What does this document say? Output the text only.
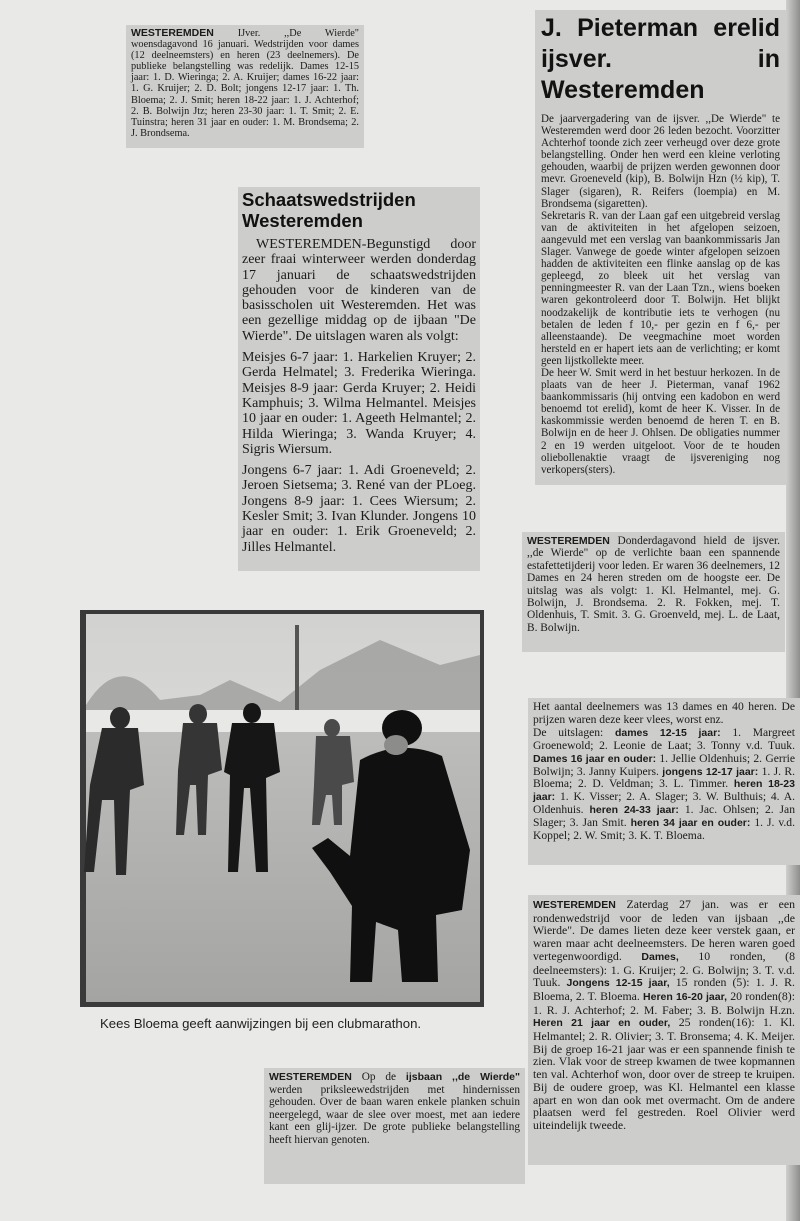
WESTEREMDEN IJver. ,,De Wierde" woensdagavond 16 januari. Wedstrijden voor dames (12 deelneemsters) en heren (23 deelnemers). De publieke belangstelling was redelijk. Dames 12-15 jaar: 1. D. Wieringa; 2. A. Kruijer; dames 16-22 jaar: 1. G. Kruijer; 2. D. Bolt; jongens 12-17 jaar: 1. Th. Bloema; 2. J. Smit; heren 18-22 jaar: 1. J. Achterhof; 2. B. Bolwijn Jtz; heren 23-30 jaar: 1. T. Smit; 2. E. Tuinstra; heren 31 jaar en ouder: 1. M. Brondsema; 2. J. Brondsema.

Schaatswedstrijden Westeremden

WESTEREMDEN-Begunstigd door zeer fraai winterweer werden donderdag 17 januari de schaatswedstrijden gehouden voor de kinderen van de basisscholen uit Westeremden. Het was een gezellige middag op de ijbaan "De Wierde". De uitslagen waren als volgt:

Meisjes 6-7 jaar: 1. Harkelien Kruyer; 2. Gerda Helmatel; 3. Frederika Wieringa. Meisjes 8-9 jaar: Gerda Kruyer; 2. Heidi Kamphuis; 3. Wilma Helmantel. Meisjes 10 jaar en ouder: 1. Ageeth Helmantel; 2. Hilda Wieringa; 3. Wanda Kruyer; 4. Sigris Wiersum.

Jongens 6-7 jaar: 1. Adi Groeneveld; 2. Jeroen Sietsema; 3. René van der PLoeg. Jongens 8-9 jaar: 1. Cees Wiersum; 2. Kesler Smit; 3. Ivan Klunder. Jongens 10 jaar en ouder: 1. Erik Groeneveld; 2. Jilles Helmantel.

J. Pieterman erelid ijsver. in Westeremden

De jaarvergadering van de ijsver. ,,De Wierde" te Westeremden werd door 26 leden bezocht. Voorzitter Achterhof toonde zich zeer verheugd over deze grote belangstelling. Onder hen werd een kleine verloting gehouden, waarbij de prijzen werden gewonnen door mevr. Groeneveld (kip), B. Bolwijn Hzn (½ kip), T. Slager (sigaren), R. Reifers (loempia) en M. Brondsema (sigaretten).

Sekretaris R. van der Laan gaf een uitgebreid verslag van de aktiviteiten in het afgelopen seizoen, aangevuld met een verslag van baankommissaris Jan Slager. Vanwege de goede winter afgelopen seizoen hadden de aktiviteiten een flinke aanslag op de kas gepleegd, zo bleek uit het verslag van penningmeester R. van der Laan Tzn., wiens boeken waren gekontroleerd door T. Bolwijn. Het blijkt noodzakelijk de kontributie iets te verhogen (nu betalen de leden f 10,- per gezin en f 6,- per alleenstaande). De veegmachine moet worden hersteld en er hapert iets aan de verlichting; er komt geen lijstkollekte meer.

De heer W. Smit werd in het bestuur herkozen. In de plaats van de heer J. Pieterman, vanaf 1962 baankommissaris (hij ontving een kadobon en werd benoemd tot erelid), komt de heer K. Visser. In de kaskommissie werden benoemd de heren T. en B. Bolwijn en de heer J. Ohlsen. De obligaties nummer 2 en 19 werden uitgeloot. Voor de te houden oliebollenaktie vraagt de ijsvereniging nog verkopers(sters).

WESTEREMDEN Donderdagavond hield de ijsver. ,,de Wierde" op de verlichte baan een spannende estafettetijderij voor leden. Er waren 36 deelnemers, 12 Dames en 24 heren streden om de hoogste eer. De uitslag was als volgt: 1. Kl. Helmantel, mej. G. Bolwijn, J. Brondsema. 2. R. Fokken, mej. T. Oldenhuis, T. Smit. 3. G. Groenveld, mej. L. de Laat, B. Bolwijn.

Het aantal deelnemers was 13 dames en 40 heren. De prijzen waren deze keer vlees, worst enz.

De uitslagen: dames 12-15 jaar: 1. Margreet Groenewold; 2. Leonie de Laat; 3. Tonny v.d. Tuuk. Dames 16 jaar en ouder: 1. Jellie Oldenhuis; 2. Gerrie Bolwijn; 3. Janny Kuipers. jongens 12-17 jaar: 1. J. R. Bloema; 2. D. Veldman; 3. L. Timmer. heren 18-23 jaar: 1. K. Visser; 2. A. Slager; 3. W. Bulthuis; 4. A. Oldenhuis. heren 24-33 jaar: 1. Jac. Ohlsen; 2. Jan Slager; 3. Jan Smit. heren 34 jaar en ouder: 1. J. v.d. Koppel; 2. W. Smit; 3. K. T. Bloema.

WESTEREMDEN Zaterdag 27 jan. was er een rondenwedstrijd voor de leden van ijsbaan ,,de Wierde". De dames lieten deze keer verstek gaan, er waren maar acht deelneemsters. De heren waren goed vertegenwoordigd. Dames, 10 ronden, (8 deelneemsters): 1. G. Kruijer; 2. G. Bolwijn; 3. T. v.d. Tuuk. Jongens 12-15 jaar, 15 ronden (5): 1. J. R. Bloema, 2. T. Bloema. Heren 16-20 jaar, 20 ronden(8): 1. R. J. Achterhof; 2. M. Faber; 3. B. Bolwijn H.zn. Heren 21 jaar en ouder, 25 ronden(16): 1. Kl. Helmantel; 2. R. Olivier; 3. T. Bronsema; 4. K. Meijer. Bij de groep 16-21 jaar was er een spannende finish te zien. Vlak voor de streep kwamen de twee kopmannen ten val. Achterhof won, door over de streep te kruipen. Bij de oudere groep, was Kl. Helmantel een klasse apart en won dan ook met overmacht. Om de andere plaatsen werd fel gestreden. Roel Olivier werd uiteindelijk tweede.

WESTEREMDEN Op de ijsbaan ,,de Wierde" werden priksleewedstrijden met hindernissen gehouden. Over de baan waren enkele planken schuin neergelegd, waar de slee over moest, met aan iedere kant een glij-ijzer. De grote publieke belangstelling heeft hiervan genoten.

Kees Bloema geeft aanwijzingen bij een clubmarathon.
